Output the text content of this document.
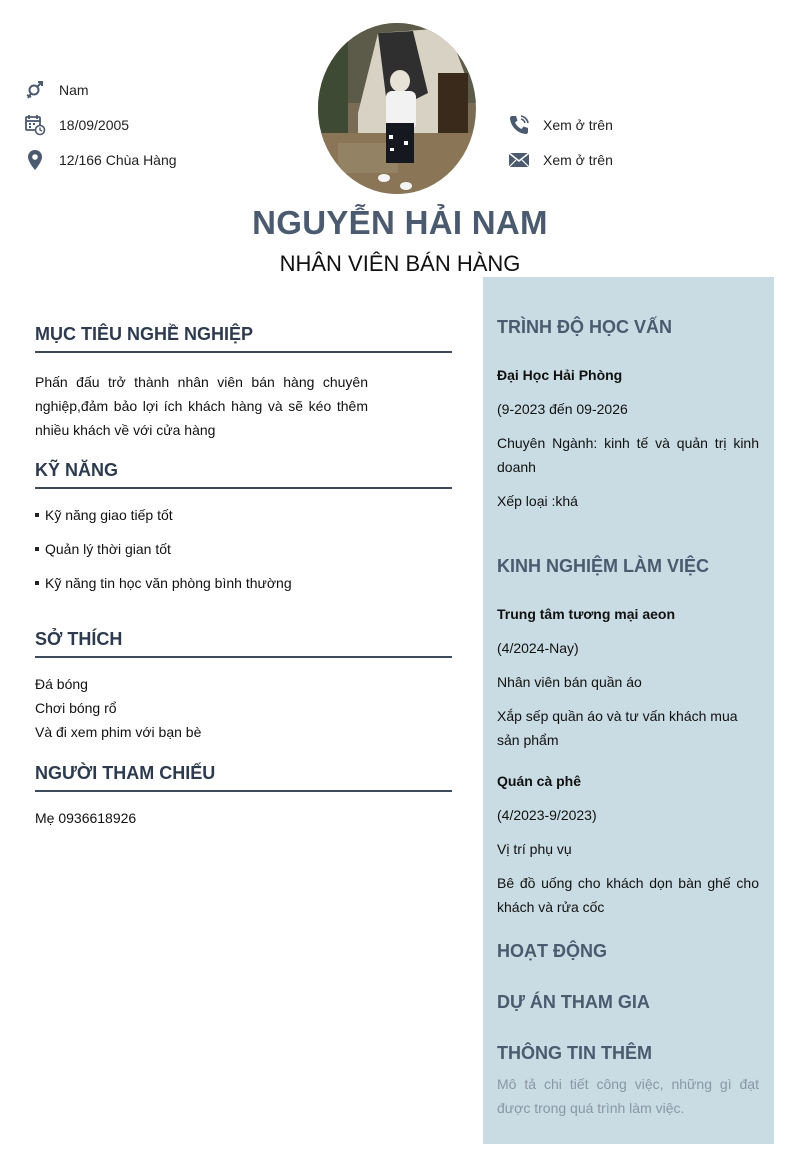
Nam
18/09/2005
12/166 Chùa Hàng
Xem ở trên
Xem ở trên
NGUYỄN HẢI NAM
NHÂN VIÊN BÁN HÀNG
MỤC TIÊU NGHỀ NGHIỆP
Phấn đấu trở thành nhân viên bán hàng chuyên nghiệp,đảm bảo lợi ích khách hàng và sẽ kéo thêm nhiều khách về với cửa hàng
KỸ NĂNG
Kỹ năng giao tiếp tốt
Quản lý thời gian tốt
Kỹ năng tin học văn phòng bình thường
SỞ THÍCH
Đá bóng
Chơi bóng rổ
Và đi xem phim với bạn bè
NGƯỜI THAM CHIẾU
Mẹ 0936618926
TRÌNH ĐỘ HỌC VẤN
Đại Học Hải Phòng
(9-2023 đến 09-2026
Chuyên Ngành: kinh tế và quản trị kinh doanh
Xếp loại :khá
KINH NGHIỆM LÀM VIỆC
Trung tâm tương mại aeon
(4/2024-Nay)
Nhân viên bán quần áo
Xắp sếp quần áo và tư vấn khách mua sản phẩm
Quán cà phê
(4/2023-9/2023)
Vị trí phụ vụ
Bê đồ uống cho khách dọn bàn ghế cho khách và rửa cốc
HOẠT ĐỘNG
DỰ ÁN THAM GIA
THÔNG TIN THÊM
Mô tả chi tiết công việc, những gì đạt được trong quá trình làm việc.
